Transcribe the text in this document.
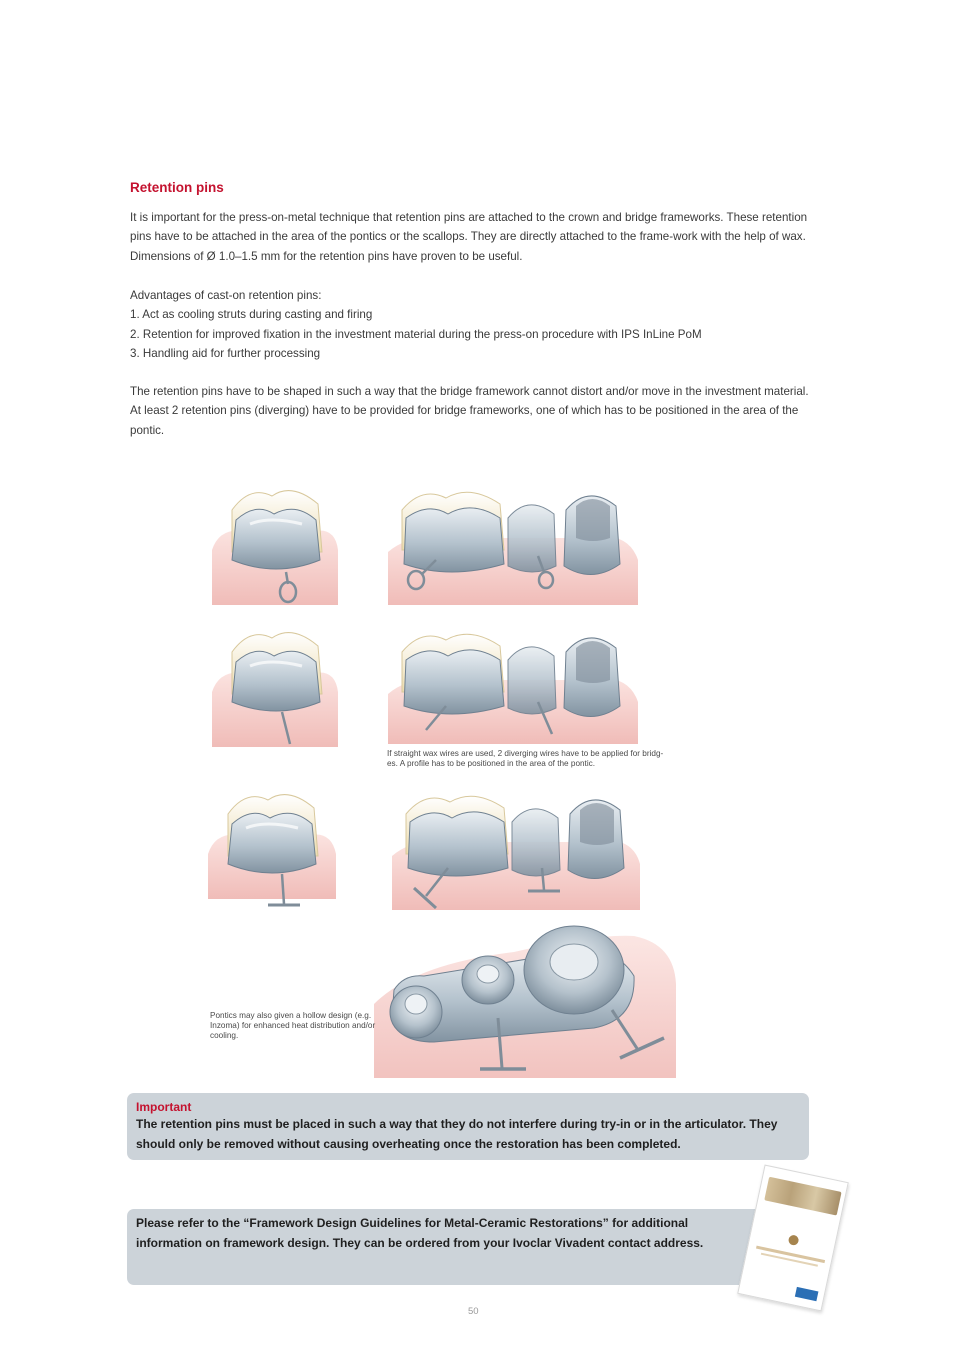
Retention pins

It is important for the press-on-metal technique that retention pins are attached to the crown and bridge frameworks. These retention pins have to be attached in the area of the pontics or the scallops. They are directly attached to the frame-work with the help of wax. Dimensions of Ø 1.0–1.5 mm for the retention pins have proven to be useful.

Advantages of cast-on retention pins:
1. Act as cooling struts during casting and firing
2. Retention for improved fixation in the investment material during the press-on procedure with IPS InLine PoM
3. Handling aid for further processing

The retention pins have to be shaped in such a way that the bridge framework cannot distort and/or move in the investment material. At least 2 retention pins (diverging) have to be provided for bridge frameworks, one of which has to be positioned in the area of the pontic.

If straight wax wires are used, 2 diverging wires have to be applied for bridg-es. A profile has to be positioned in the area of the pontic.
Pontics may also given a hollow design (e.g. Inzoma) for enhanced heat distribution and/or cooling.
Important
The retention pins must be placed in such a way that they do not interfere during try-in or in the articulator. They should only be removed without causing overheating once the restoration has been completed.
Please refer to the “Framework Design Guidelines for Metal-Ceramic Restorations” for additional information on framework design. They can be ordered from your Ivoclar Vivadent contact address.
50
